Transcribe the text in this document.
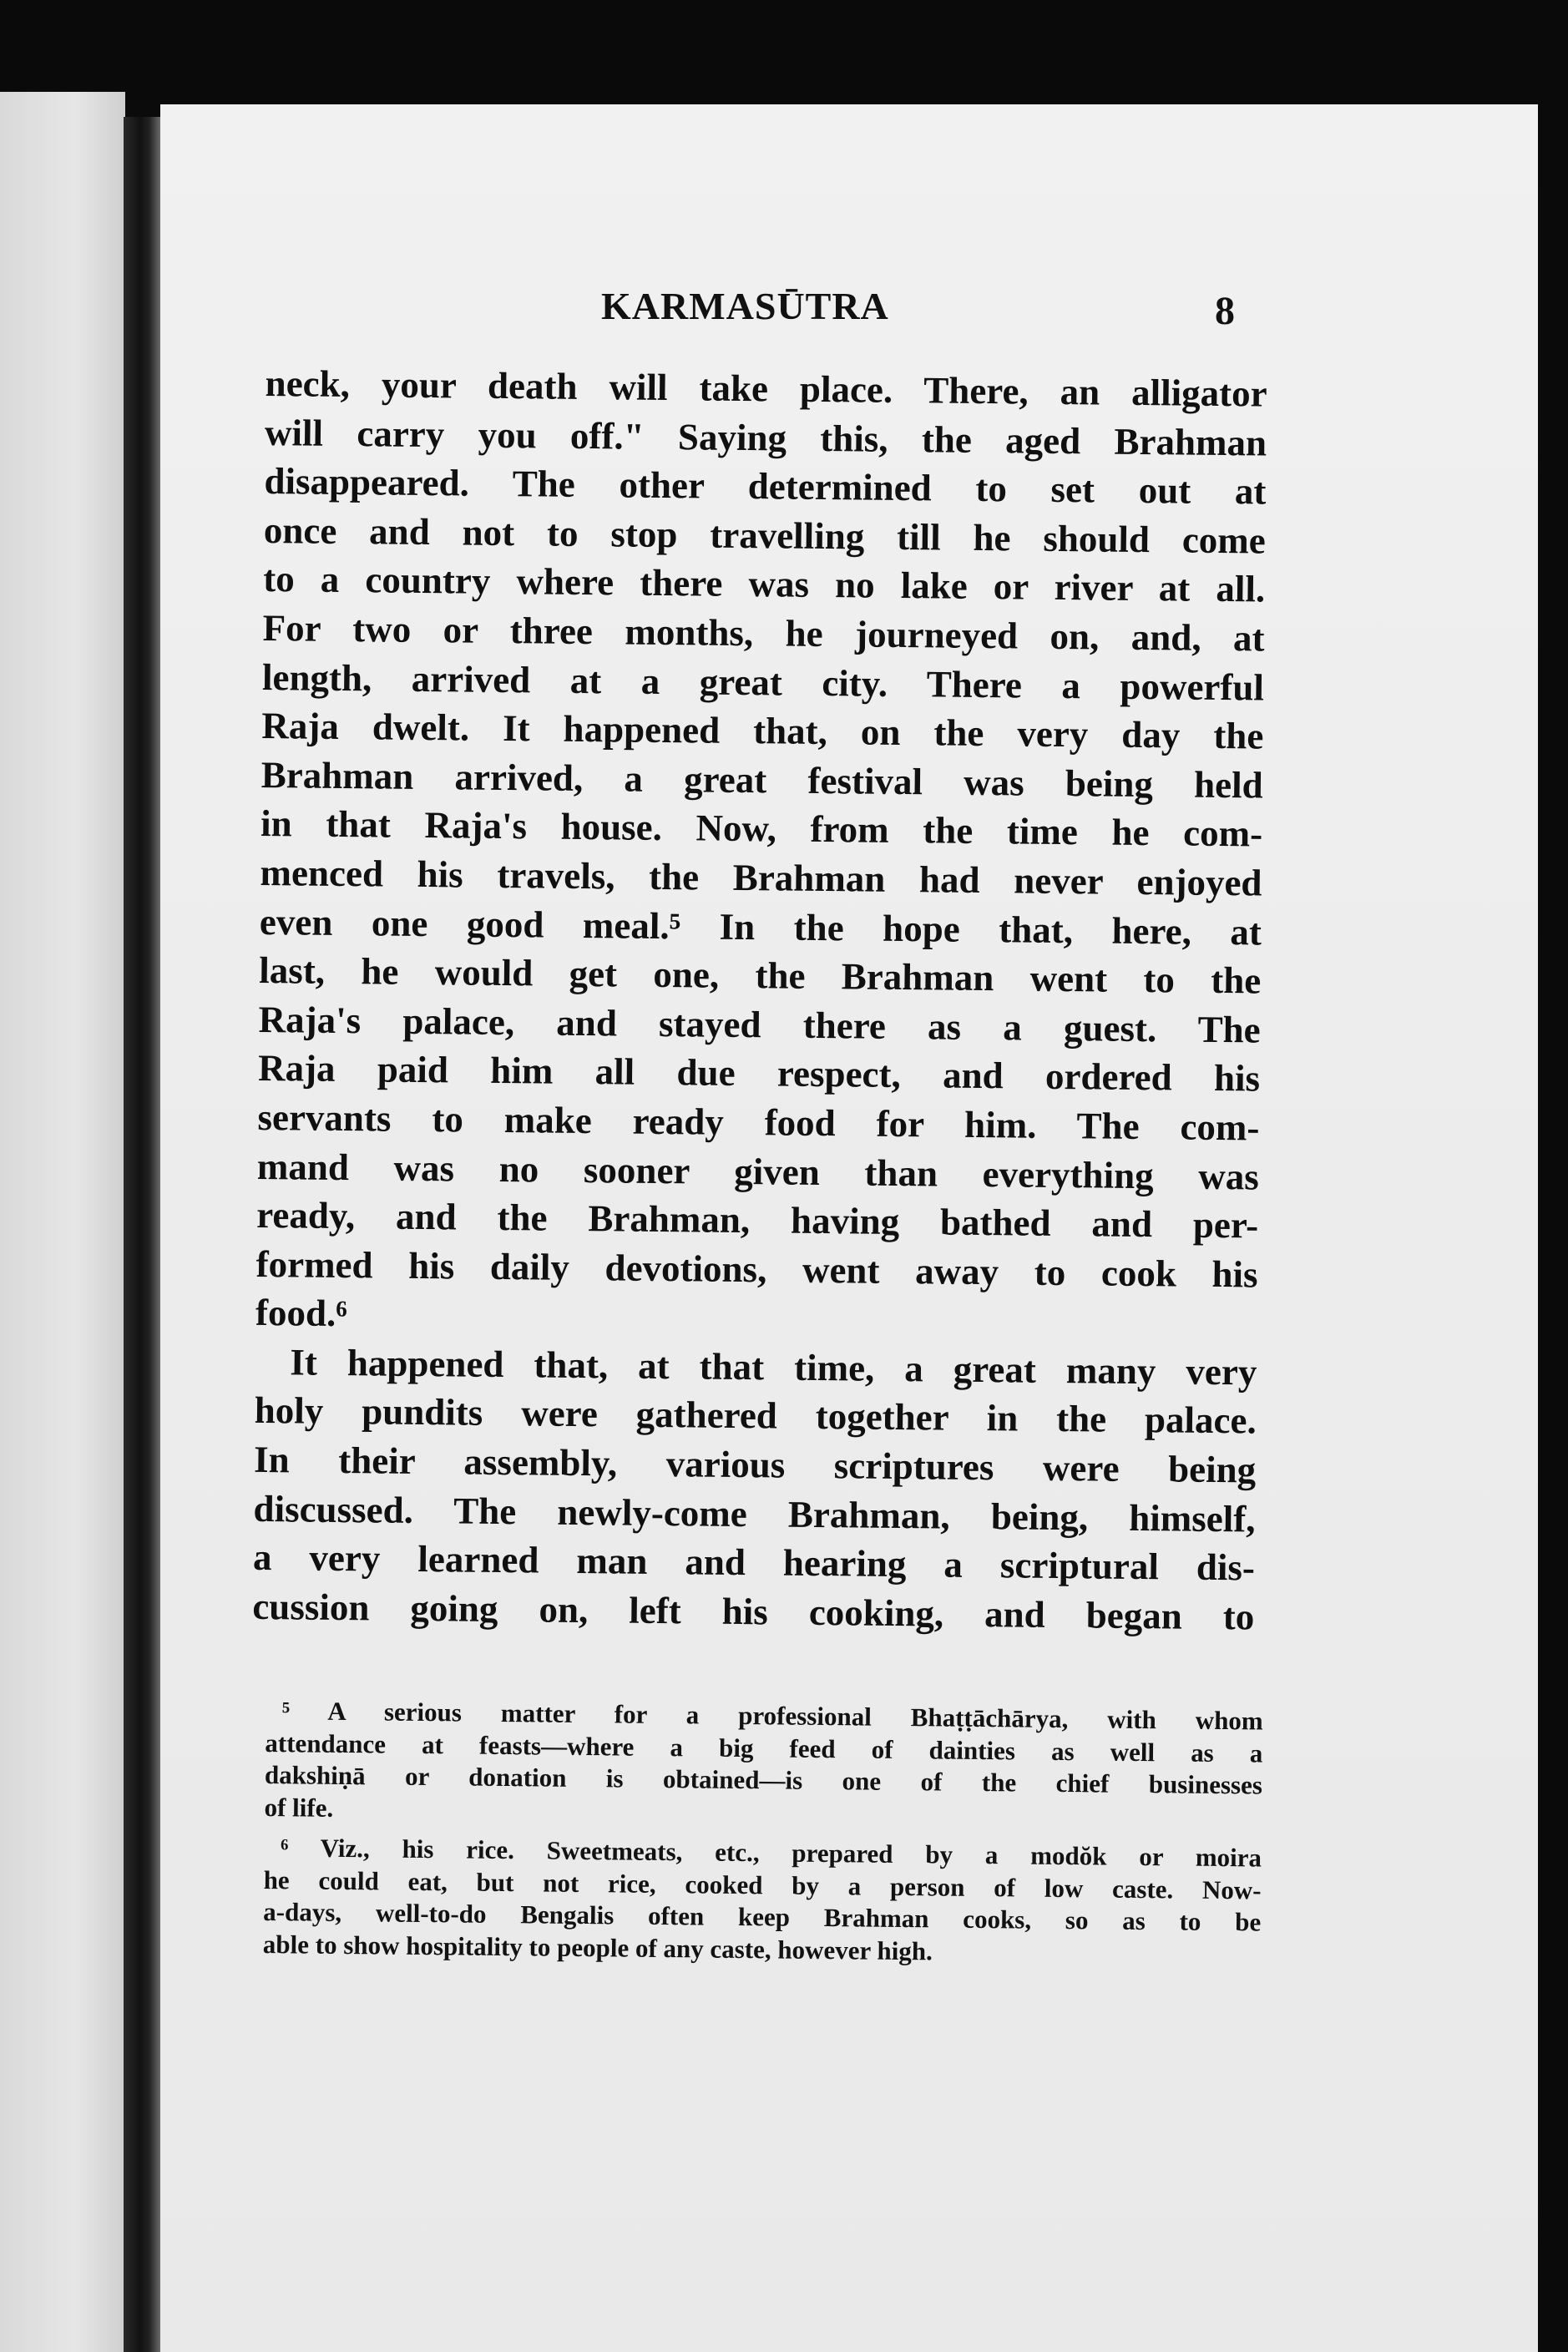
KARMASŪTRA	8
neck, your death will take place. There, an alligator
will carry you off." Saying this, the aged Brahman
disappeared. The other determined to set out at
once and not to stop travelling till he should come
to a country where there was no lake or river at all.
For two or three months, he journeyed on, and, at
length, arrived at a great city. There a powerful
Raja dwelt. It happened that, on the very day the
Brahman arrived, a great festival was being held
in that Raja's house. Now, from the time he com-
menced his travels, the Brahman had never enjoyed
even one good meal.⁵ In the hope that, here, at
last, he would get one, the Brahman went to the
Raja's palace, and stayed there as a guest. The
Raja paid him all due respect, and ordered his
servants to make ready food for him. The com-
mand was no sooner given than everything was
ready, and the Brahman, having bathed and per-
formed his daily devotions, went away to cook his
food.⁶
It happened that, at that time, a great many very
holy pundits were gathered together in the palace.
In their assembly, various scriptures were being
discussed. The newly-come Brahman, being, himself,
a very learned man and hearing a scriptural dis-
cussion going on, left his cooking, and began to
⁵ A serious matter for a professional Bhaṭṭāchārya, with whom
attendance at feasts—where a big feed of dainties as well as a
dakshiṇā or donation is obtained—is one of the chief businesses
of life.
⁶ Viz., his rice. Sweetmeats, etc., prepared by a modŏk or moira
he could eat, but not rice, cooked by a person of low caste. Now-
a-days, well-to-do Bengalis often keep Brahman cooks, so as to be
able to show hospitality to people of any caste, however high.
